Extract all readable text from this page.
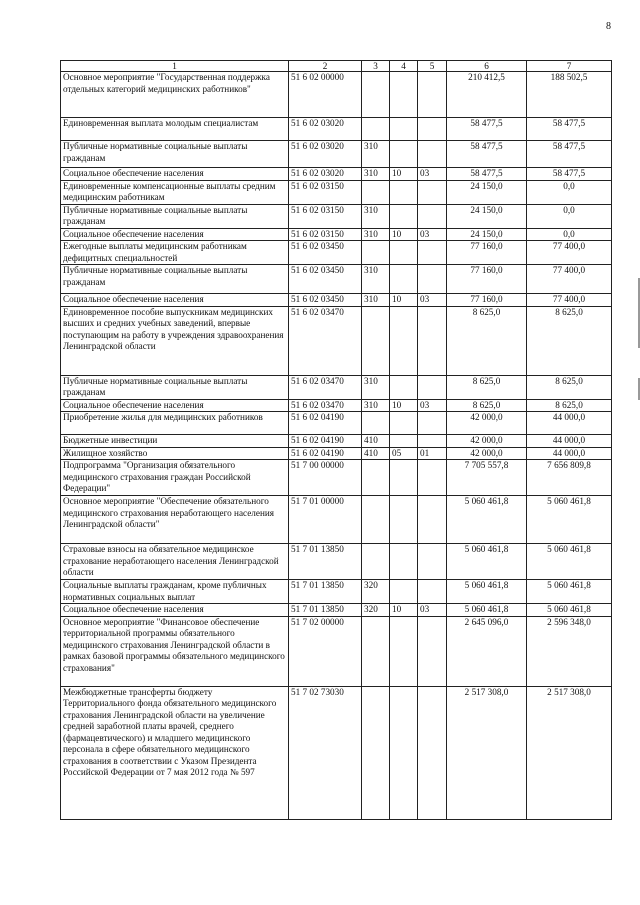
8
1	2	3	4	5	6	7
Основное мероприятие "Государственная поддержка отдельных категорий медицинских работников"	51 6 02 00000				210 412,5	188 502,5
Единовременная выплата молодым специалистам	51 6 02 03020				58 477,5	58 477,5
Публичные нормативные социальные выплаты гражданам	51 6 02 03020	310			58 477,5	58 477,5
Социальное обеспечение населения	51 6 02 03020	310	10	03	58 477,5	58 477,5
Единовременные компенсационные выплаты средним медицинским работникам	51 6 02 03150				24 150,0	0,0
Публичные нормативные социальные выплаты гражданам	51 6 02 03150	310			24 150,0	0,0
Социальное обеспечение населения	51 6 02 03150	310	10	03	24 150,0	0,0
Ежегодные выплаты медицинским работникам дефицитных специальностей	51 6 02 03450				77 160,0	77 400,0
Публичные нормативные социальные выплаты гражданам	51 6 02 03450	310			77 160,0	77 400,0
Социальное обеспечение населения	51 6 02 03450	310	10	03	77 160,0	77 400,0
Единовременное пособие выпускникам медицинских высших и средних учебных заведений, впервые поступающим на работу в учреждения здравоохранения Ленинградской области	51 6 02 03470				8 625,0	8 625,0
Публичные нормативные социальные выплаты гражданам	51 6 02 03470	310			8 625,0	8 625,0
Социальное обеспечение населения	51 6 02 03470	310	10	03	8 625,0	8 625,0
Приобретение жилья для медицинских работников	51 6 02 04190				42 000,0	44 000,0
Бюджетные инвестиции	51 6 02 04190	410			42 000,0	44 000,0
Жилищное хозяйство	51 6 02 04190	410	05	01	42 000,0	44 000,0
Подпрограмма "Организация обязательного медицинского страхования граждан Российской Федерации"	51 7 00 00000				7 705 557,8	7 656 809,8
Основное мероприятие "Обеспечение обязательного медицинского страхования неработающего населения Ленинградской области"	51 7 01 00000				5 060 461,8	5 060 461,8
Страховые взносы на обязательное медицинское страхование неработающего населения Ленинградской области	51 7 01 13850				5 060 461,8	5 060 461,8
Социальные выплаты гражданам, кроме публичных нормативных социальных выплат	51 7 01 13850	320			5 060 461,8	5 060 461,8
Социальное обеспечение населения	51 7 01 13850	320	10	03	5 060 461,8	5 060 461,8
Основное мероприятие "Финансовое обеспечение территориальной программы обязательного медицинского страхования Ленинградской области в рамках базовой программы обязательного медицинского страхования"	51 7 02 00000				2 645 096,0	2 596 348,0
Межбюджетные трансферты бюджету Территориального фонда обязательного медицинского страхования Ленинградской области на увеличение средней заработной платы врачей, среднего (фармацевтического) и младшего медицинского персонала в сфере обязательного медицинского страхования в соответствии с Указом Президента Российской Федерации от 7 мая 2012 года № 597	51 7 02 73030				2 517 308,0	2 517 308,0
